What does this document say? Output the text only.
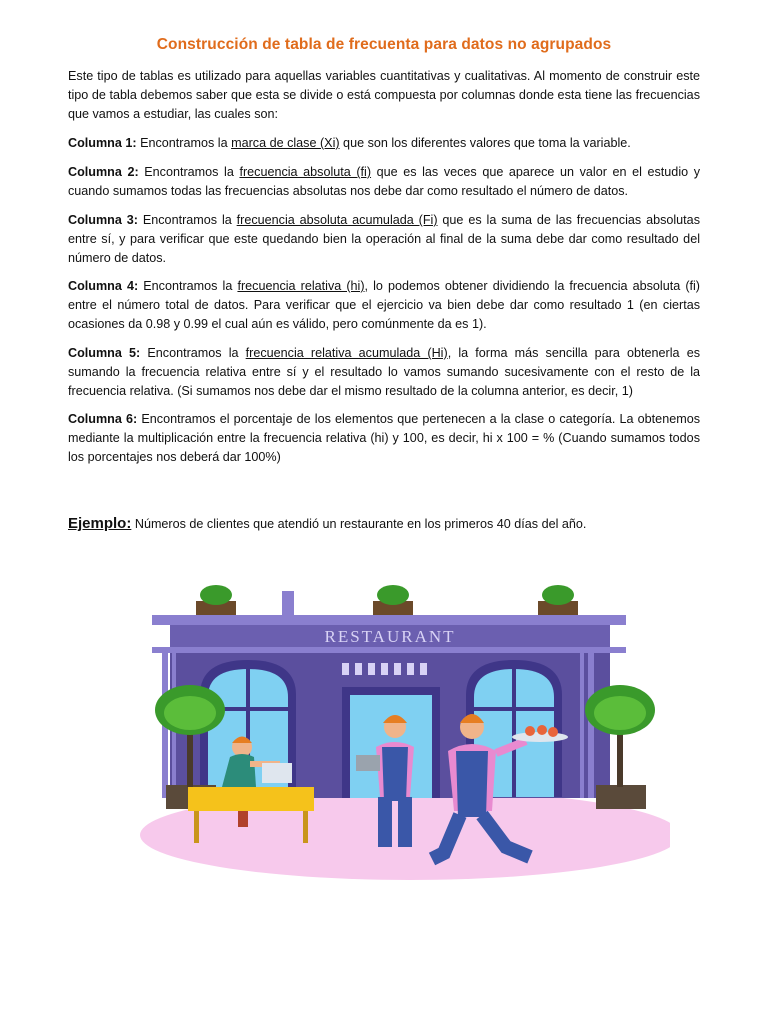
Construcción de tabla de frecuenta para datos no agrupados
Este tipo de tablas es utilizado para aquellas variables cuantitativas y cualitativas. Al momento de construir este tipo de tabla debemos saber que esta se divide o está compuesta por columnas donde esta tiene las frecuencias que vamos a estudiar, las cuales son:
Columna 1: Encontramos la marca de clase (Xi) que son los diferentes valores que toma la variable.
Columna 2: Encontramos la frecuencia absoluta (fi) que es las veces que aparece un valor en el estudio y cuando sumamos todas las frecuencias absolutas nos debe dar como resultado el número de datos.
Columna 3: Encontramos la frecuencia absoluta acumulada (Fi) que es la suma de las frecuencias absolutas entre sí, y para verificar que este quedando bien la operación al final de la suma debe dar como resultado del número de datos.
Columna 4: Encontramos la frecuencia relativa (hi), lo podemos obtener dividiendo la frecuencia absoluta (fi) entre el número total de datos. Para verificar que el ejercicio va bien debe dar como resultado 1 (en ciertas ocasiones da 0.98 y 0.99 el cual aún es válido, pero comúnmente da es 1).
Columna 5: Encontramos la frecuencia relativa acumulada (Hi), la forma más sencilla para obtenerla es sumando la frecuencia relativa entre sí y el resultado lo vamos sumando sucesivamente con el resto de la frecuencia relativa. (Si sumamos nos debe dar el mismo resultado de la columna anterior, es decir, 1)
Columna 6: Encontramos el porcentaje de los elementos que pertenecen a la clase o categoría. La obtenemos mediante la multiplicación entre la frecuencia relativa (hi) y 100, es decir, hi x 100 = % (Cuando sumamos todos los porcentajes nos deberá dar 100%)
Ejemplo: Números de clientes que atendió un restaurante en los primeros 40 días del año.
RESTAURANT
